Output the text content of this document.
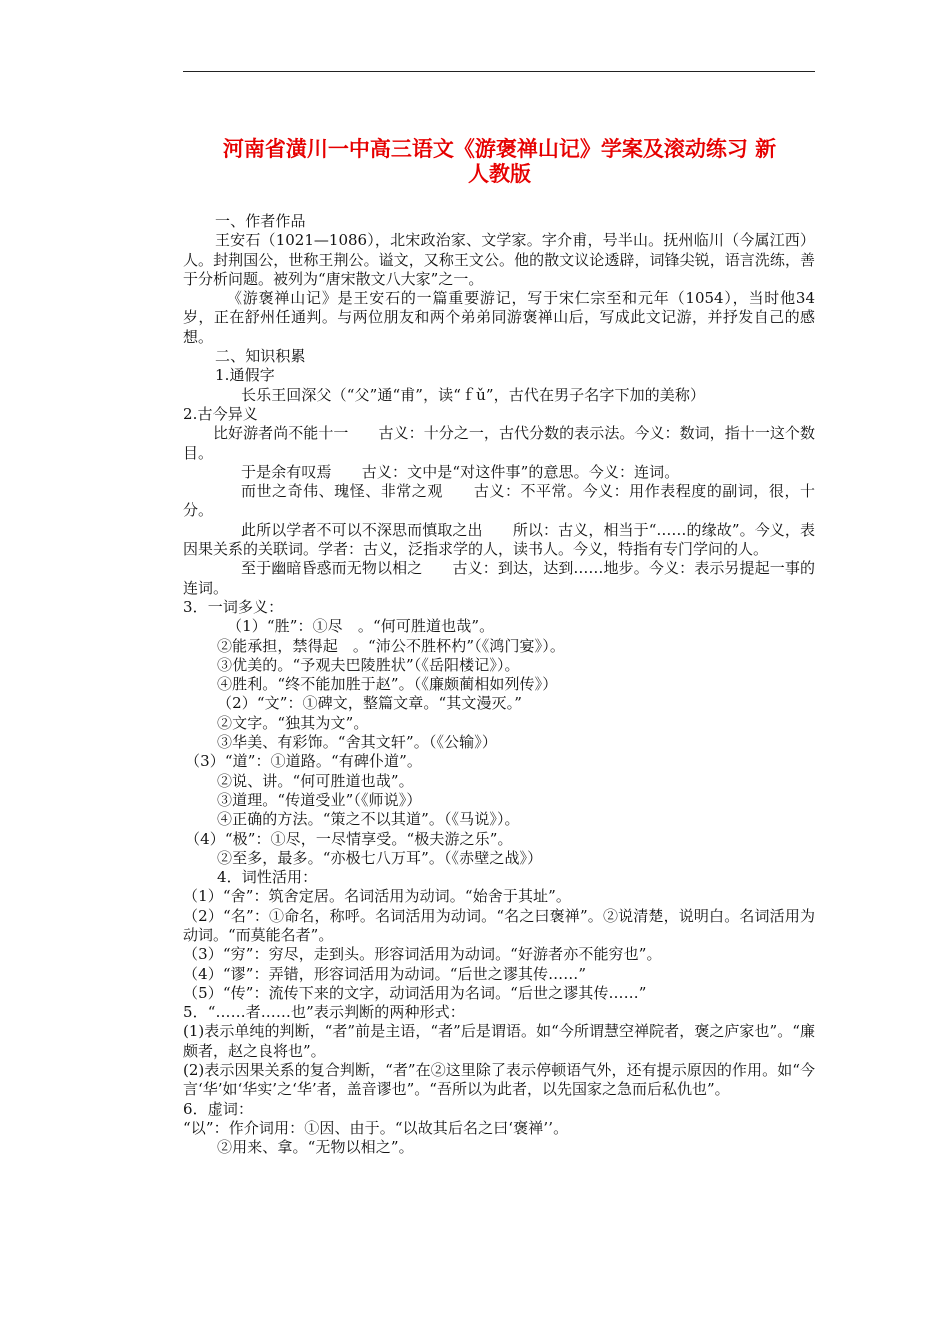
河南省潢川一中高三语文《游褒禅山记》学案及滚动练习 新
人教版
一、作者作品
王安石（1021—1086），北宋政治家、文学家。字介甫，号半山。抚州临川（今属江西）人。封荆国公，世称王荆公。谥文，又称王文公。他的散文议论透辟，词锋尖锐，语言洗练，善于分析问题。被列为“唐宋散文八大家”之一。
《游褒禅山记》是王安石的一篇重要游记，写于宋仁宗至和元年（1054），当时他34岁，正在舒州任通判。与两位朋友和两个弟弟同游褒禅山后，写成此文记游，并抒发自己的感想。
二、知识积累
1.通假字
长乐王回深父（“父”通“甫”，读“ｆǔ”，古代在男子名字下加的美称）
2.古今异义
比好游者尚不能十一　　古义：十分之一，古代分数的表示法。今义：数词，指十一这个数目。
于是余有叹焉　　古义：文中是“对这件事”的意思。今义：连词。
而世之奇伟、瑰怪、非常之观　　古义：不平常。今义：用作表程度的副词，很，十分。
此所以学者不可以不深思而慎取之出　　所以：古义，相当于“……的缘故”。今义，表因果关系的关联词。学者：古义，泛指求学的人，读书人。今义，特指有专门学问的人。
至于幽暗昏惑而无物以相之　　古义：到达，达到……地步。今义：表示另提起一事的连词。
3．一词多义：
（1）“胜”：①尽　。“何可胜道也哉”。
②能承担，禁得起　。“沛公不胜杯杓”（《鸿门宴》）。
③优美的。“予观夫巴陵胜状”（《岳阳楼记》）。
④胜利。“终不能加胜于赵”。（《廉颇蔺相如列传》）
（2）“文”：①碑文，整篇文章。“其文漫灭。”
②文字。“独其为文”。
③华美、有彩饰。“舍其文轩”。（《公输》）
（3）“道”：①道路。“有碑仆道”。
②说、讲。“何可胜道也哉”。
③道理。“传道受业”（《师说》）
④正确的方法。“策之不以其道”。（《马说》）。
（4）“极”：①尽，一尽情享受。“极夫游之乐”。
②至多，最多。“亦极七八万耳”。（《赤壁之战》）
4．词性活用：
（1）“舍”：筑舍定居。名词活用为动词。“始舍于其址”。
（2）“名”：①命名，称呼。名词活用为动词。“名之曰褒禅”。②说清楚，说明白。名词活用为动词。“而莫能名者”。
（3）“穷”：穷尽，走到头。形容词活用为动词。“好游者亦不能穷也”。
（4）“谬”：弄错，形容词活用为动词。“后世之谬其传……”
（5）“传”：流传下来的文字，动词活用为名词。“后世之谬其传……”
5．“……者……也”表示判断的两种形式：
(1)表示单纯的判断，“者”前是主语，“者”后是谓语。如“今所谓慧空禅院者，褒之庐家也”。“廉颇者，赵之良将也”。
(2)表示因果关系的复合判断，“者”在②这里除了表示停顿语气外，还有提示原因的作用。如“今言‘华’如‘华实’之‘华’者，盖音谬也”。“吾所以为此者，以先国家之急而后私仇也”。
6．虚词：
“以”：作介词用：①因、由于。“以故其后名之曰‘褒禅’’。
②用来、拿。“无物以相之”。
